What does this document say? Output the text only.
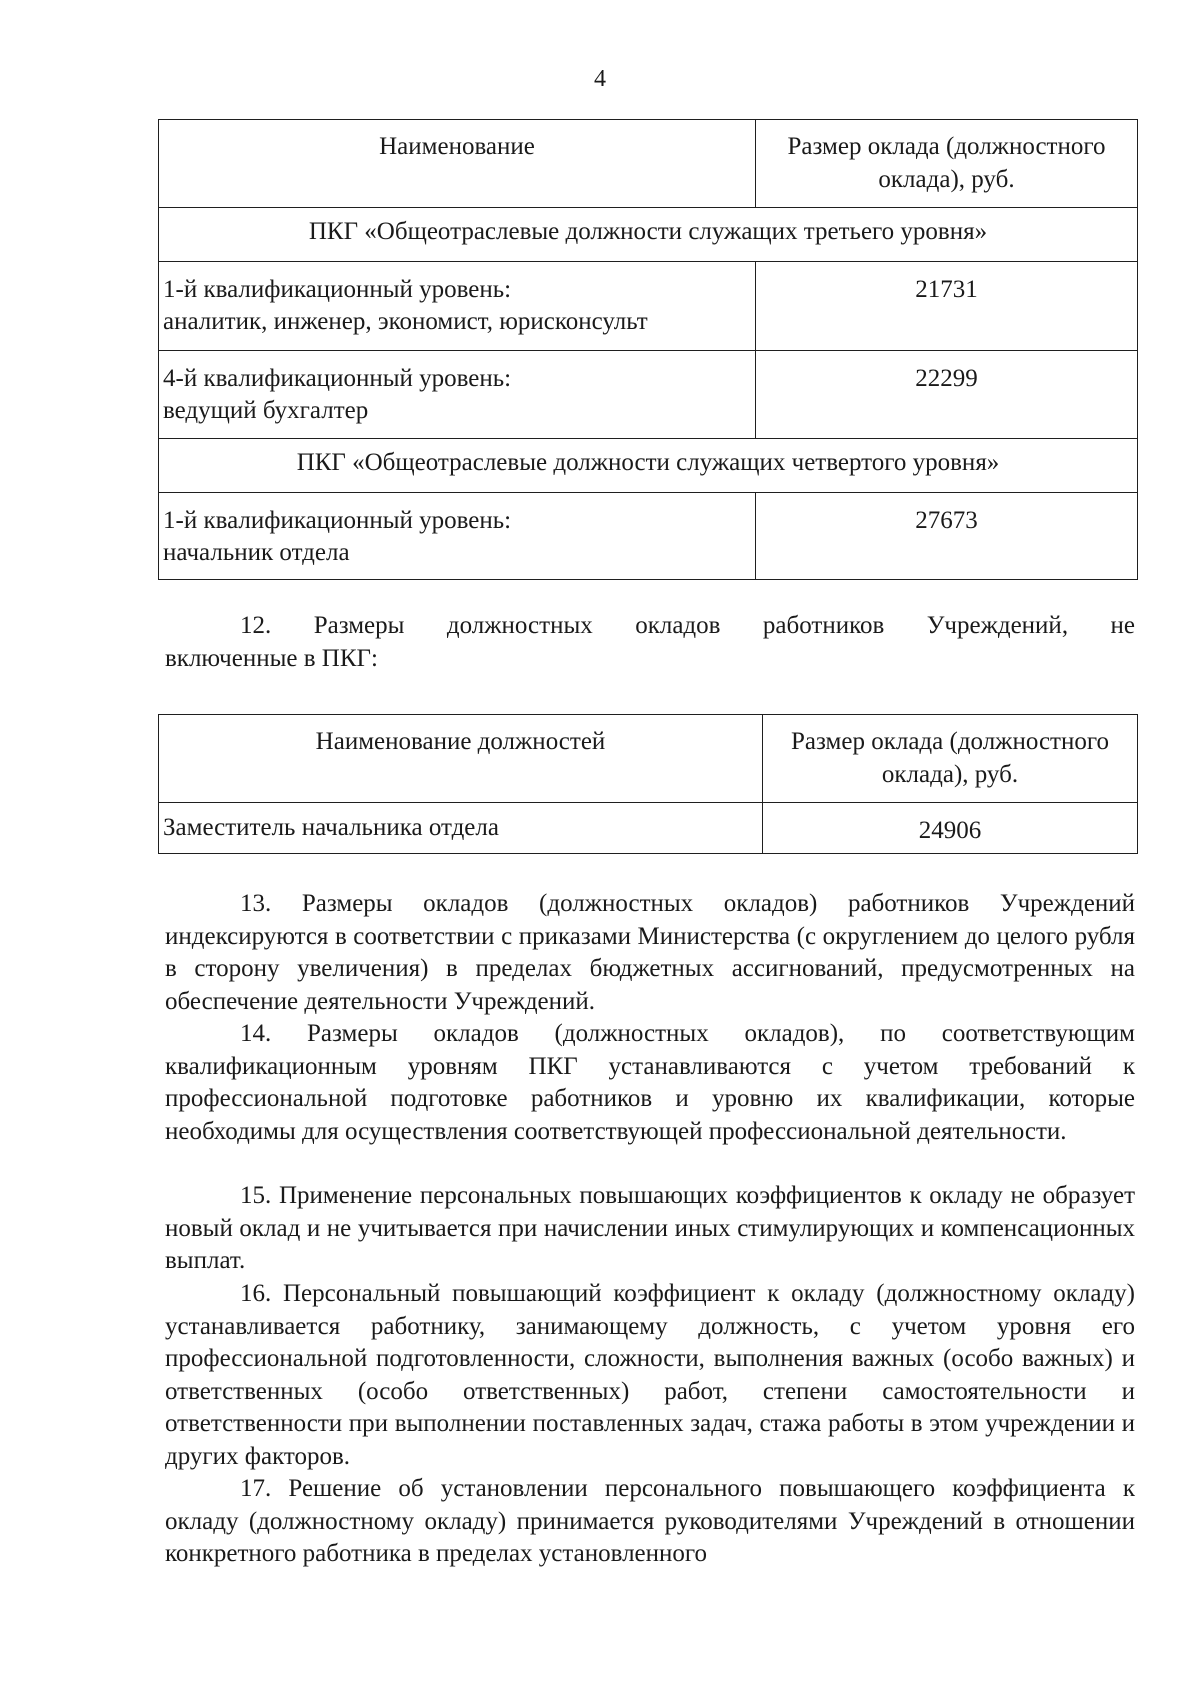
4
Наименование	Размер оклада (должностного
оклада), руб.

ПКГ «Общеотраслевые должности служащих третьего уровня»	

1-й квалификационный уровень:
аналитик, инженер, экономист, юрисконсульт	21731

4-й квалификационный уровень:
ведущий бухгалтер	22299
ПКГ «Общеотраслевые должности служащих четвертого уровня»	

1-й квалификационный уровень:
начальник отдела	27673
12. Размеры должностных окладов работников Учреждений, не
включенные в ПКГ:
Наименование должностей	Размер оклада (должностного
оклада), руб.

Заместитель начальника отдела	24906

13. Размеры окладов (должностных окладов) работников Учреждений индексируются в соответствии с приказами Министерства (с округлением до целого рубля в сторону увеличения) в пределах бюджетных ассигнований, предусмотренных на обеспечение деятельности Учреждений.

14. Размеры окладов (должностных окладов), по соответствующим квалификационным уровням ПКГ устанавливаются с учетом требований к профессиональной подготовке работников и уровню их квалификации, которые необходимы для осуществления соответствующей профессиональной деятельности.

15. Применение персональных повышающих коэффициентов к окладу не образует новый оклад и не учитывается при начислении иных стимулирующих и компенсационных выплат.

16. Персональный повышающий коэффициент к окладу (должностному окладу) устанавливается работнику, занимающему должность, с учетом уровня его профессиональной подготовленности, сложности, выполнения важных (особо важных) и ответственных (особо ответственных) работ, степени самостоятельности и ответственности при выполнении поставленных задач, стажа работы в этом учреждении и других факторов.

17. Решение об установлении персонального повышающего коэффициента к окладу (должностному окладу) принимается руководителями Учреждений в отношении конкретного работника в пределах установленного
